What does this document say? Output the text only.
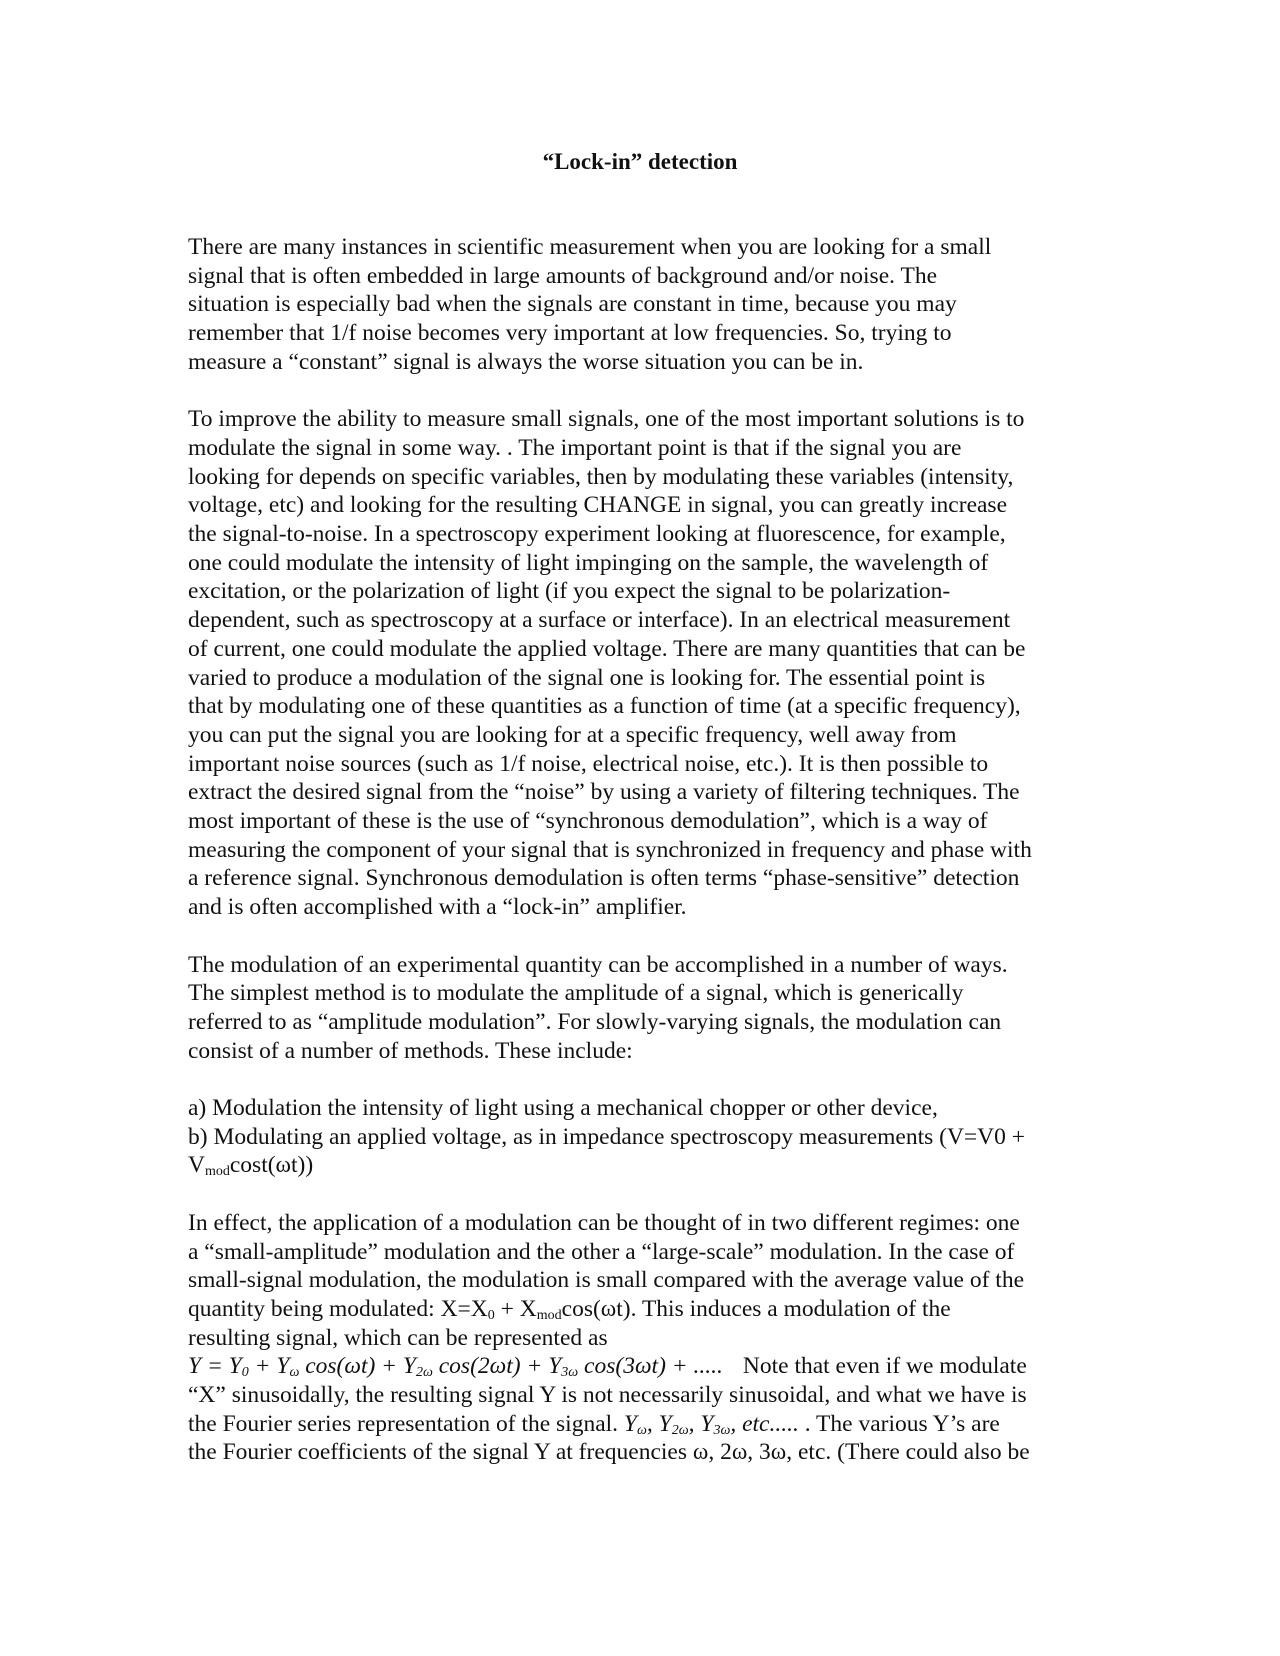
“Lock-in” detection

There are many instances in scientific measurement when you are looking for a small
signal that is often embedded in large amounts of background and/or noise. The
situation is especially bad when the signals are constant in time, because you may
remember that 1/f noise becomes very important at low frequencies. So, trying to
measure a “constant” signal is always the worse situation you can be in.

To improve the ability to measure small signals, one of the most important solutions is to
modulate the signal in some way. . The important point is that if the signal you are
looking for depends on specific variables, then by modulating these variables (intensity,
voltage, etc) and looking for the resulting CHANGE in signal, you can greatly increase
the signal-to-noise. In a spectroscopy experiment looking at fluorescence, for example,
one could modulate the intensity of light impinging on the sample, the wavelength of
excitation, or the polarization of light (if you expect the signal to be polarization-
dependent, such as spectroscopy at a surface or interface). In an electrical measurement
of current, one could modulate the applied voltage. There are many quantities that can be
varied to produce a modulation of the signal one is looking for. The essential point is
that by modulating one of these quantities as a function of time (at a specific frequency),
you can put the signal you are looking for at a specific frequency, well away from
important noise sources (such as 1/f noise, electrical noise, etc.). It is then possible to
extract the desired signal from the “noise” by using a variety of filtering techniques. The
most important of these is the use of “synchronous demodulation”, which is a way of
measuring the component of your signal that is synchronized in frequency and phase with
a reference signal. Synchronous demodulation is often terms “phase-sensitive” detection
and is often accomplished with a “lock-in” amplifier.

The modulation of an experimental quantity can be accomplished in a number of ways.
The simplest method is to modulate the amplitude of a signal, which is generically
referred to as “amplitude modulation”. For slowly-varying signals, the modulation can
consist of a number of methods. These include:

a) Modulation the intensity of light using a mechanical chopper or other device,
b) Modulating an applied voltage, as in impedance spectroscopy measurements (V=V0 +
$V_{mod}\cos t(\omega t)$)

In effect, the application of a modulation can be thought of in two different regimes: one
a “small-amplitude” modulation and the other a “large-scale” modulation. In the case of
small-signal modulation, the modulation is small compared with the average value of the
quantity being modulated: $X=X_0 + X_{mod}\cos(\omega t)$. This induces a modulation of the
resulting signal, which can be represented as
$Y = Y_0 + Y_\omega$ $\cos(\omega t) + Y_{2\omega}$ $\cos(2\omega t) + Y_{3\omega}$ cos(3ωt) + ..... Note that even if we modulate
“X” sinusoidally, the resulting signal Y is not necessarily sinusoidal, and what we have is
the Fourier series representation of the signal. $Y_\omega$, $Y_{2\omega}$, $Y_{3\omega}$, etc..... . The various Y’s are
the Fourier coefficients of the signal Y at frequencies ω, 2ω, 3ω, etc. (There could also be
